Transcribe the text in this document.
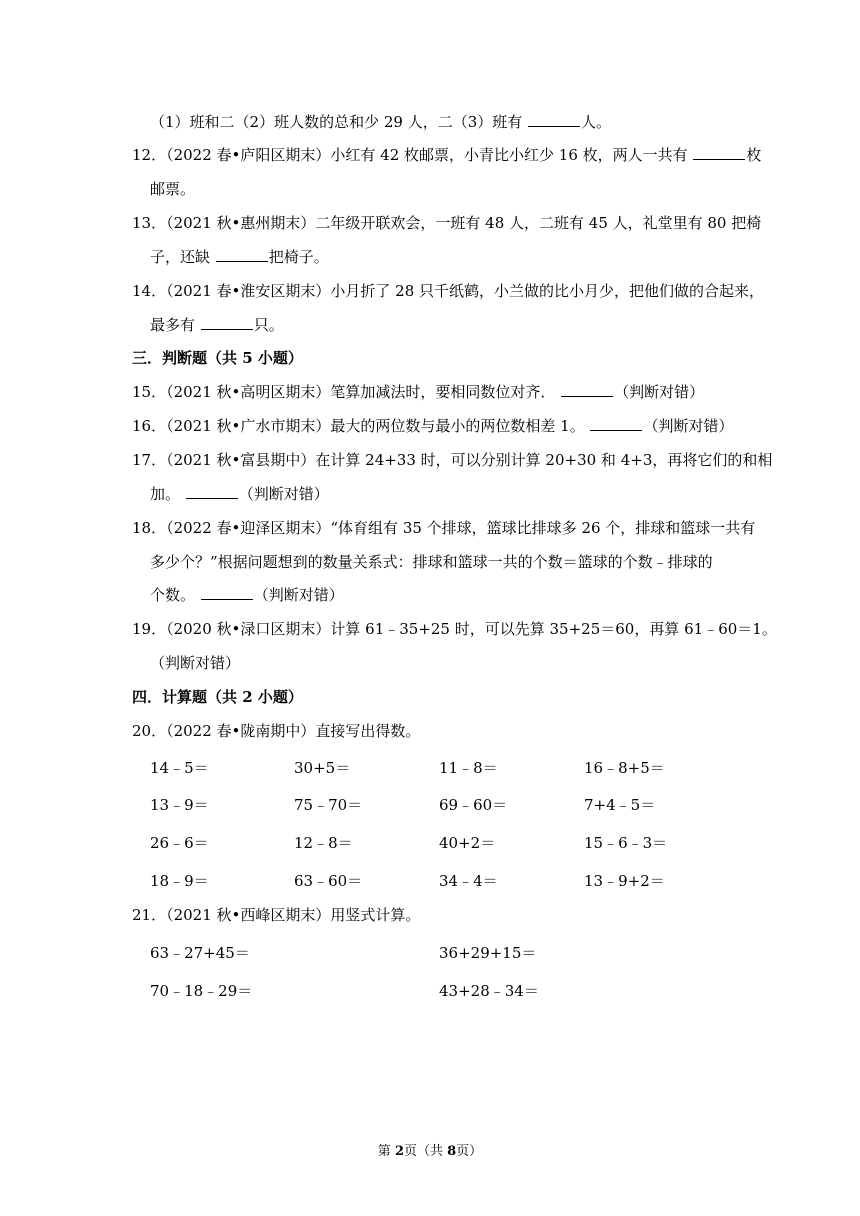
（1）班和二（2）班人数的总和少 29 人，二（3）班有	人。
12．（2022 春•庐阳区期末）小红有 42 枚邮票，小青比小红少 16 枚，两人一共有	枚
邮票。
13．（2021 秋•惠州期末）二年级开联欢会，一班有 48 人，二班有 45 人，礼堂里有 80 把椅
子，还缺	把椅子。
14．（2021 春•淮安区期末）小月折了 28 只千纸鹤，小兰做的比小月少，把他们做的合起来，
最多有	只。
三．判断题（共 5 小题）
15．（2021 秋•高明区期末）笔算加减法时，要相同数位对齐．	（判断对错）
16．（2021 秋•广水市期末）最大的两位数与最小的两位数相差 1。	（判断对错）
17．（2021 秋•富县期中）在计算 24+33 时，可以分别计算 20+30 和 4+3，再将它们的和相
加。	（判断对错）
18．（2022 春•迎泽区期末）“体育组有 35 个排球，篮球比排球多 26 个，排球和篮球一共有
多少个？”根据问题想到的数量关系式：排球和篮球一共的个数＝篮球的个数﹣排球的
个数。	（判断对错）
19．（2020 秋•渌口区期末）计算 61﹣35+25 时，可以先算 35+25＝60，再算 61﹣60＝1。
（判断对错）
四．计算题（共 2 小题）
20．（2022 春•陇南期中）直接写出得数。
14﹣5＝	30+5＝	11﹣8＝	16﹣8+5＝
13﹣9＝	75﹣70＝	69﹣60＝	7+4﹣5＝
26﹣6＝	12﹣8＝	40+2＝	15﹣6﹣3＝
18﹣9＝	63﹣60＝	34﹣4＝	13﹣9+2＝
21．（2021 秋•西峰区期末）用竖式计算。
63﹣27+45＝	36+29+15＝
70﹣18﹣29＝	43+28﹣34＝
第 2页（共 8页）
